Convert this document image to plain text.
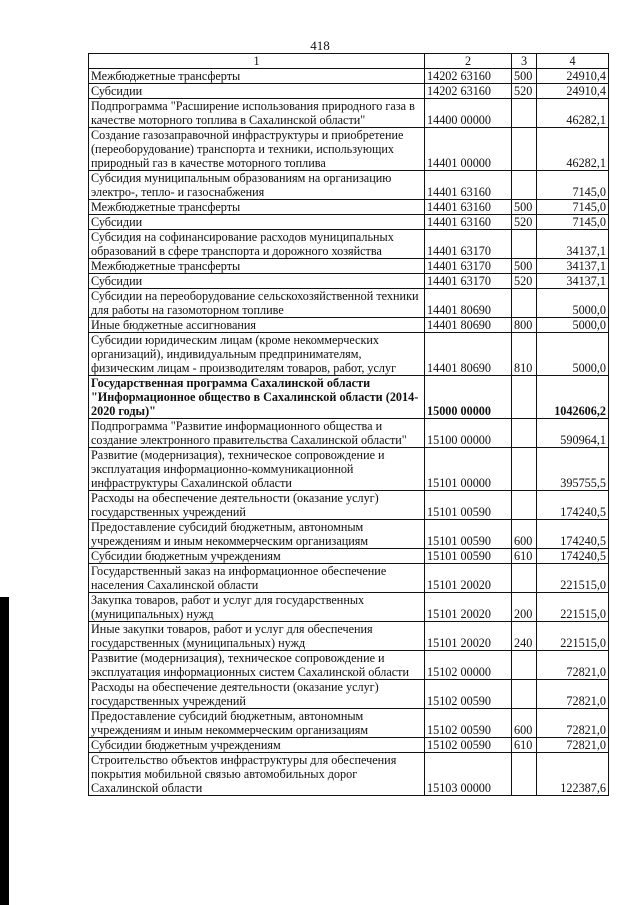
418
1	2	3	4
Межбюджетные трансферты	14202 63160	500	24910,4
Субсидии	14202 63160	520	24910,4
Подпрограмма "Расширение использования природного газа в качестве моторного топлива в Сахалинской области"	14400 00000		46282,1
Создание газозаправочной инфраструктуры и приобретение (переоборудование) транспорта и техники, использующих природный газ в качестве моторного топлива	14401 00000		46282,1
Субсидия муниципальным образованиям на организацию электро-, тепло- и газоснабжения	14401 63160		7145,0
Межбюджетные трансферты	14401 63160	500	7145,0
Субсидии	14401 63160	520	7145,0
Субсидия на софинансирование расходов муниципальных образований в сфере транспорта и дорожного хозяйства	14401 63170		34137,1
Межбюджетные трансферты	14401 63170	500	34137,1
Субсидии	14401 63170	520	34137,1
Субсидии на переоборудование сельскохозяйственной техники для работы на газомоторном топливе	14401 80690		5000,0
Иные бюджетные ассигнования	14401 80690	800	5000,0
Субсидии юридическим лицам (кроме некоммерческих организаций), индивидуальным предпринимателям, физическим лицам - производителям товаров, работ, услуг	14401 80690	810	5000,0
Государственная программа Сахалинской области "Информационное общество в Сахалинской области (2014-2020 годы)"	15000 00000		1042606,2
Подпрограмма "Развитие информационного общества и создание электронного правительства Сахалинской области"	15100 00000		590964,1
Развитие (модернизация), техническое сопровождение и эксплуатация информационно-коммуникационной инфраструктуры Сахалинской области	15101 00000		395755,5
Расходы на обеспечение деятельности (оказание услуг) государственных учреждений	15101 00590		174240,5
Предоставление субсидий бюджетным, автономным учреждениям и иным некоммерческим организациям	15101 00590	600	174240,5
Субсидии бюджетным учреждениям	15101 00590	610	174240,5
Государственный заказ на информационное обеспечение населения Сахалинской области	15101 20020		221515,0
Закупка товаров, работ и услуг для государственных (муниципальных) нужд	15101 20020	200	221515,0
Иные закупки товаров, работ и услуг для обеспечения государственных (муниципальных) нужд	15101 20020	240	221515,0
Развитие (модернизация), техническое сопровождение и эксплуатация информационных систем Сахалинской области	15102 00000		72821,0
Расходы на обеспечение деятельности (оказание услуг) государственных учреждений	15102 00590		72821,0
Предоставление субсидий бюджетным, автономным учреждениям и иным некоммерческим организациям	15102 00590	600	72821,0
Субсидии бюджетным учреждениям	15102 00590	610	72821,0
Строительство объектов инфраструктуры для обеспечения покрытия мобильной связью автомобильных дорог Сахалинской области	15103 00000		122387,6
